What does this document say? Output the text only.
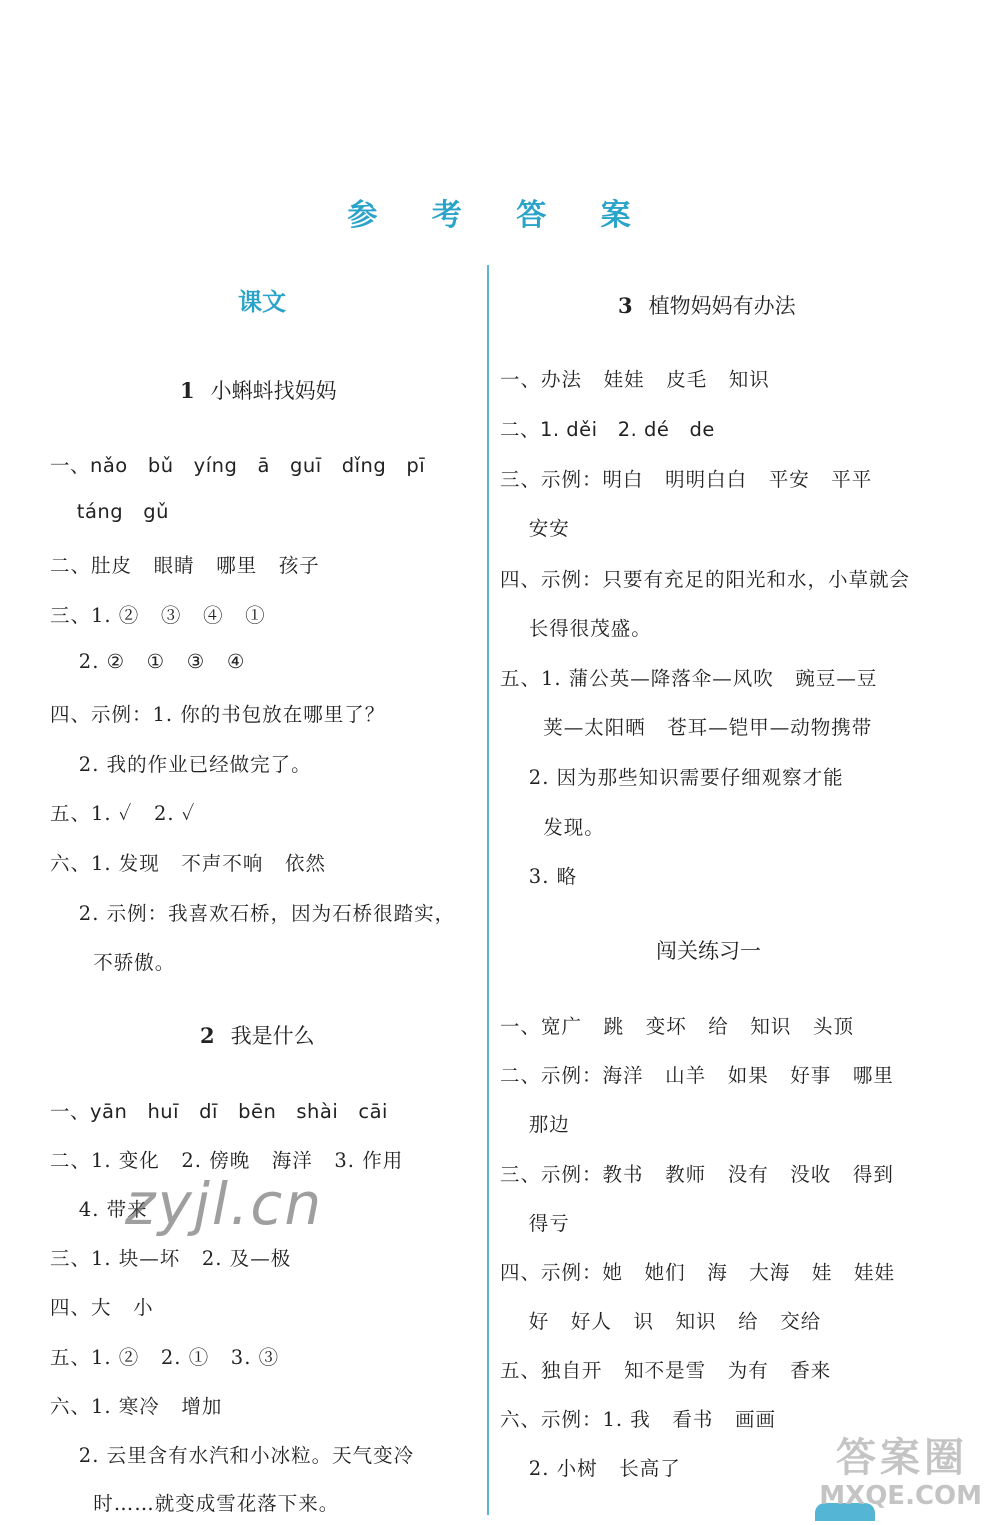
参 考 答 案
课文
1 小蝌蚪找妈妈
一、nǎo   bǔ   yíng   ā   guī   dǐng   pī
táng   gǔ
二、肚皮   眼睛   哪里   孩子
三、1. ②   ③   ④   ①
2. ②   ①   ③   ④
四、示例：1. 你的书包放在哪里了？
2. 我的作业已经做完了。
五、1. ✓   2. ✓
六、1. 发现   不声不响   依然
2. 示例：我喜欢石桥，因为石桥很踏实，
不骄傲。
2 我是什么
一、yān   huī   dī   bēn   shài   cāi
二、1. 变化   2. 傍晚   海洋   3. 作用
4. 带来
三、1. 块—坏   2. 及—极
四、大   小
五、1. ②   2. ①   3. ③
六、1. 寒冷   增加
2. 云里含有水汽和小冰粒。天气变冷
时……就变成雪花落下来。
3 植物妈妈有办法
一、办法   娃娃   皮毛   知识
二、1. děi   2. dé   de
三、示例：明白   明明白白   平安   平平
安安
四、示例：只要有充足的阳光和水，小草就会
长得很茂盛。
五、1. 蒲公英—降落伞—风吹   豌豆—豆
荚—太阳晒   苍耳—铠甲—动物携带
2. 因为那些知识需要仔细观察才能
发现。
3. 略
闯关练习一
一、宽广   跳   变坏   给   知识   头顶
二、示例：海洋   山羊   如果   好事   哪里
那边
三、示例：教书   教师   没有   没收   得到
得亏
四、示例：她   她们   海   大海   娃   娃娃
好   好人   识   知识   给   交给
五、独自开   知不是雪   为有   香来
六、示例：1. 我   看书   画画
2. 小树   长高了
zyjl.cn
答案圈
MXQE.COM
